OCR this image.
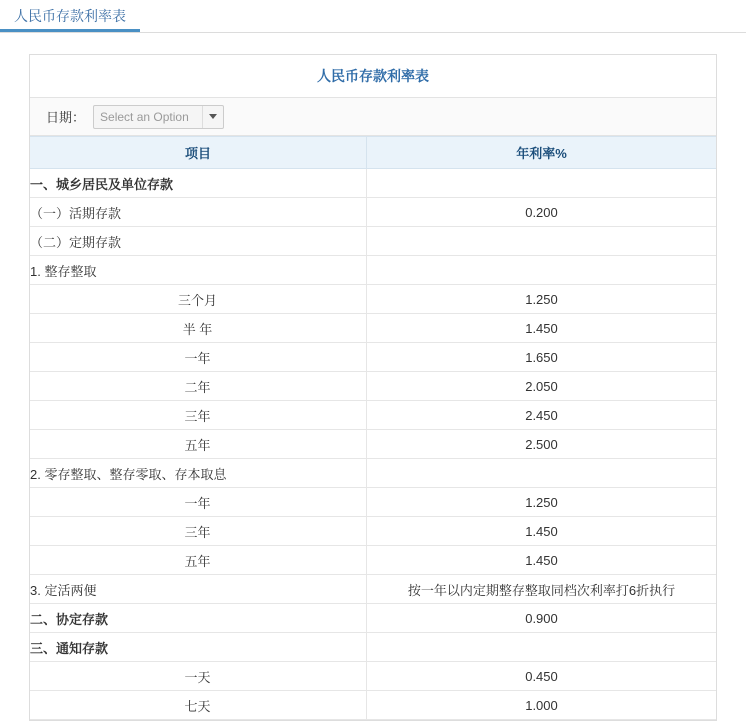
人民币存款利率表
人民币存款利率表
日期：	Select an Option
项目	年利率%
一、城乡居民及单位存款	
（一）活期存款	0.200
（二）定期存款	
1. 整存整取	
三个月	1.250
半 年	1.450
一年	1.650
二年	2.050
三年	2.450
五年	2.500
2. 零存整取、整存零取、存本取息	
一年	1.250
三年	1.450
五年	1.450
3. 定活两便	按一年以内定期整存整取同档次利率打6折执行
二、协定存款	0.900
三、通知存款	
一天	0.450
七天	1.000
